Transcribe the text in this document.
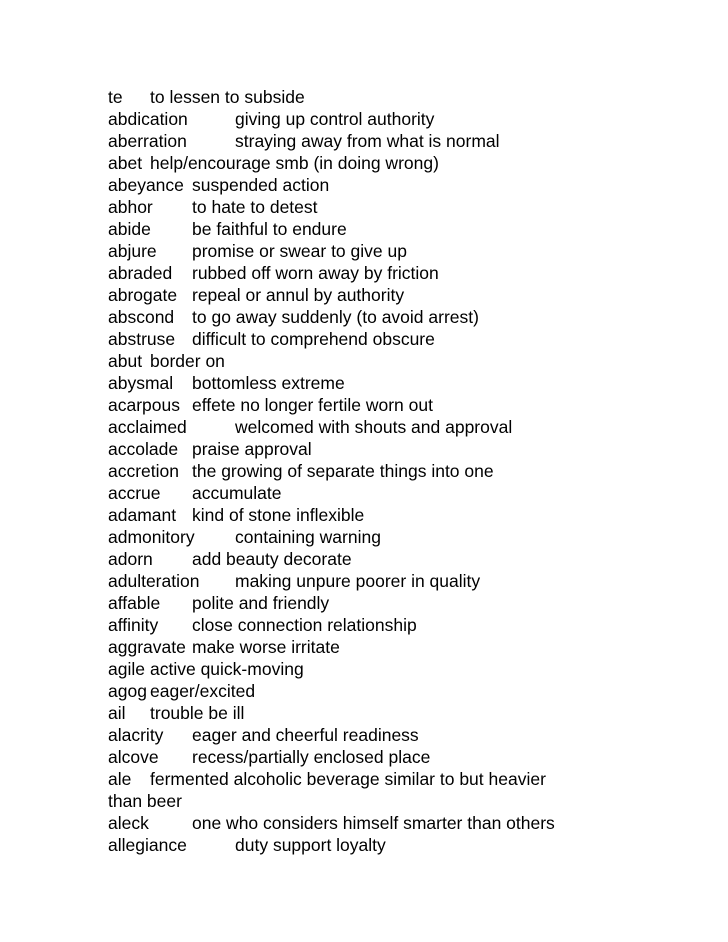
te to lessen to subside
abdication	giving up control authority
aberration	straying away from what is normal
abet help/encourage smb (in doing wrong)
abeyance suspended action
abhor to hate to detest
abide be faithful to endure
abjure promise or swear to give up
abraded rubbed off worn away by friction
abrogate repeal or annul by authority
abscond to go away suddenly (to avoid arrest)
abstruse difficult to comprehend obscure
abut border on
abysmal bottomless extreme
acarpous effete no longer fertile worn out
acclaimed	welcomed with shouts and approval
accolade praise approval
accretion the growing of separate things into one
accrue accumulate
adamant kind of stone inflexible
admonitory containing warning
adorn add beauty decorate
adulteration making unpure poorer in quality
affable polite and friendly
affinity close connection relationship
aggravate make worse irritate
agile active quick-moving
agog eager/excited
ail trouble be ill
alacrity eager and cheerful readiness
alcove recess/partially enclosed place
ale fermented alcoholic beverage similar to but heavier
than beer
aleck one who considers himself smarter than others
allegiance	duty support loyalty
